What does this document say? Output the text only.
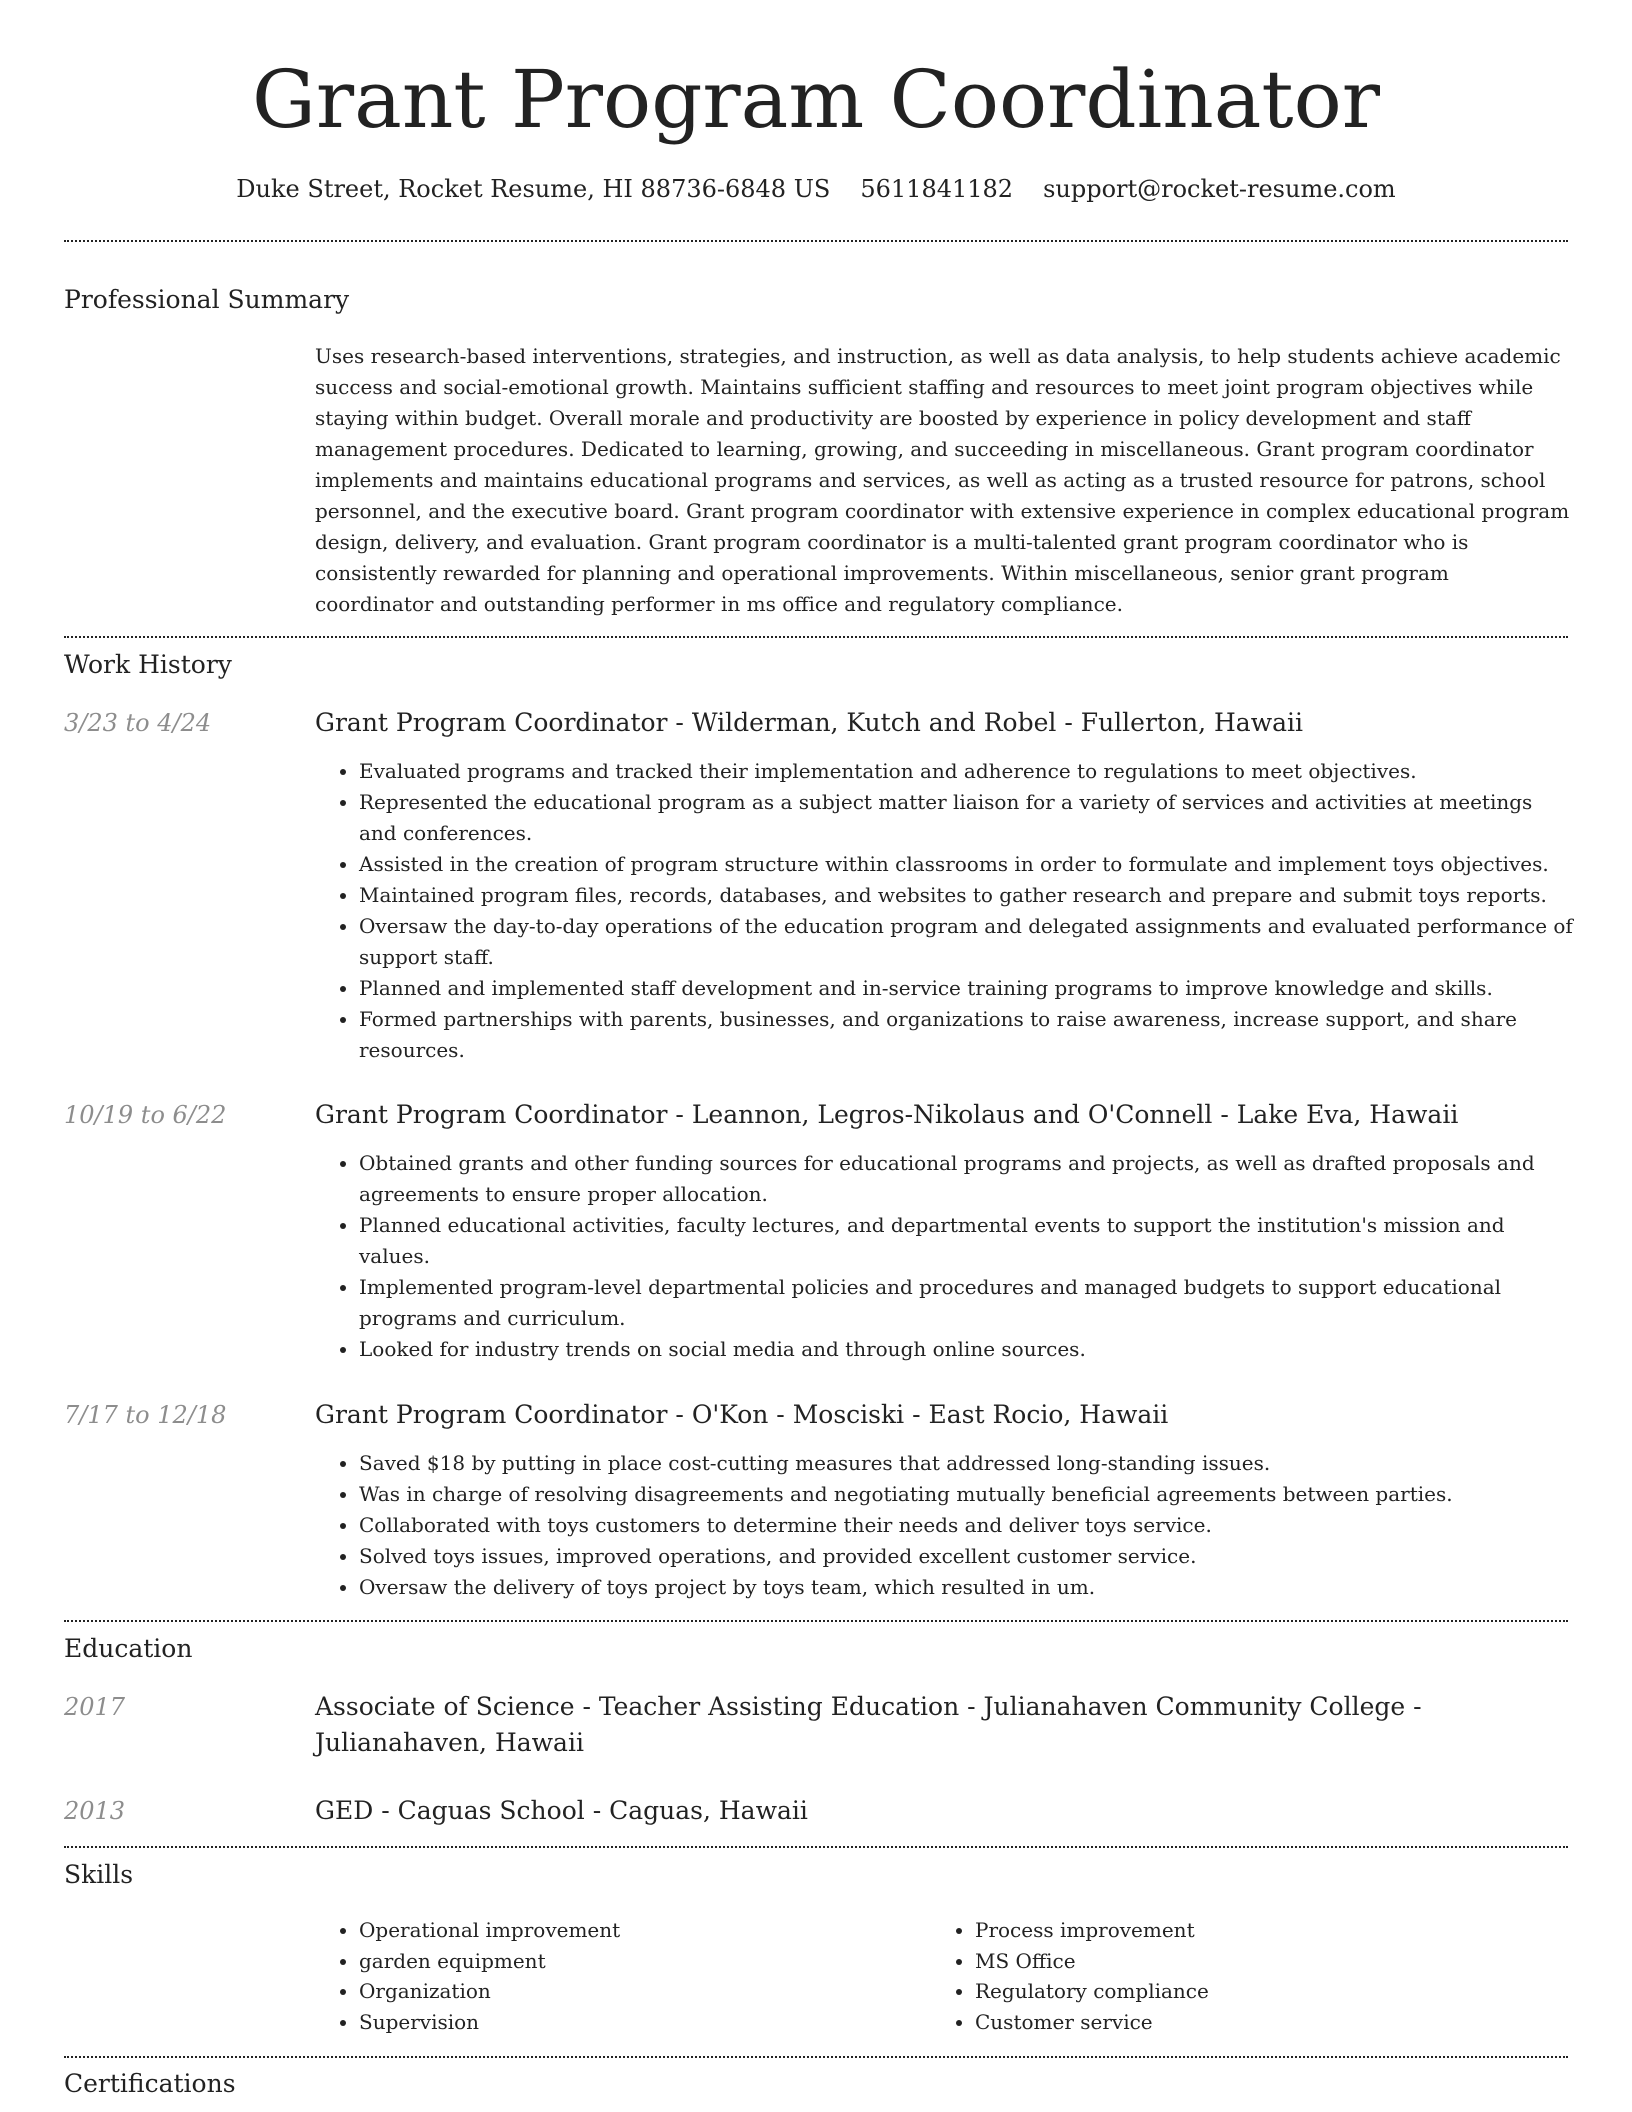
Grant Program Coordinator
Duke Street, Rocket Resume, HI 88736-6848 US 5611841182 support@rocket-resume.com
Professional Summary

Uses research-based interventions, strategies, and instruction, as well as data analysis, to help students achieve academic success and social-emotional growth. Maintains sufficient staffing and resources to meet joint program objectives while staying within budget. Overall morale and productivity are boosted by experience in policy development and staff management procedures. Dedicated to learning, growing, and succeeding in miscellaneous. Grant program coordinator implements and maintains educational programs and services, as well as acting as a trusted resource for patrons, school personnel, and the executive board. Grant program coordinator with extensive experience in complex educational program design, delivery, and evaluation. Grant program coordinator is a multi-talented grant program coordinator who is consistently rewarded for planning and operational improvements. Within miscellaneous, senior grant program coordinator and outstanding performer in ms office and regulatory compliance.

Work History
3/23 to 4/24	Grant Program Coordinator - Wilderman, Kutch and Robel - Fullerton, Hawaii
• Evaluated programs and tracked their implementation and adherence to regulations to meet objectives.
• Represented the educational program as a subject matter liaison for a variety of services and activities at meetings and conferences.
• Assisted in the creation of program structure within classrooms in order to formulate and implement toys objectives.
• Maintained program files, records, databases, and websites to gather research and prepare and submit toys reports.
• Oversaw the day-to-day operations of the education program and delegated assignments and evaluated performance of support staff.
• Planned and implemented staff development and in-service training programs to improve knowledge and skills.
• Formed partnerships with parents, businesses, and organizations to raise awareness, increase support, and share resources.
10/19 to 6/22	Grant Program Coordinator - Leannon, Legros-Nikolaus and O'Connell - Lake Eva, Hawaii
• Obtained grants and other funding sources for educational programs and projects, as well as drafted proposals and agreements to ensure proper allocation.
• Planned educational activities, faculty lectures, and departmental events to support the institution's mission and values.
• Implemented program-level departmental policies and procedures and managed budgets to support educational programs and curriculum.
• Looked for industry trends on social media and through online sources.
7/17 to 12/18	Grant Program Coordinator - O'Kon - Mosciski - East Rocio, Hawaii
• Saved $18 by putting in place cost-cutting measures that addressed long-standing issues.
• Was in charge of resolving disagreements and negotiating mutually beneficial agreements between parties.
• Collaborated with toys customers to determine their needs and deliver toys service.
• Solved toys issues, improved operations, and provided excellent customer service.
• Oversaw the delivery of toys project by toys team, which resulted in um.
Education
2017	Associate of Science - Teacher Assisting Education - Julianahaven Community College - Julianahaven, Hawaii
2013	GED - Caguas School - Caguas, Hawaii
Skills
• Operational improvement
• garden equipment
• Organization
• Supervision
• Process improvement
• MS Office
• Regulatory compliance
• Customer service
Certifications
